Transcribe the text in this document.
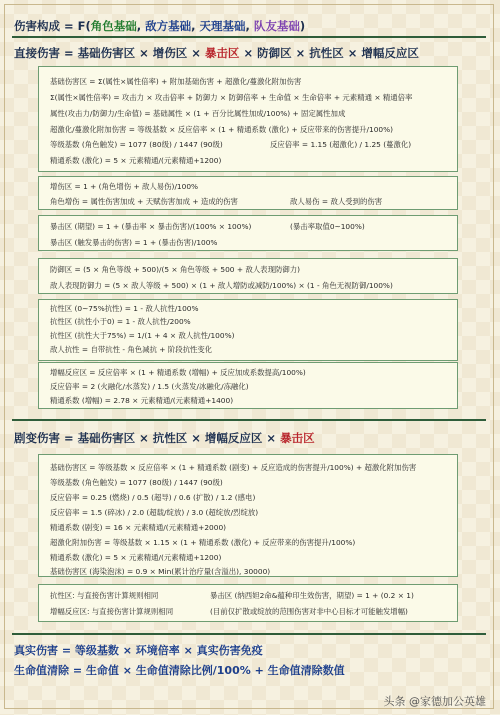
伤害构成 = F(角色基础, 敌方基础, 天理基础, 队友基础)
直接伤害 = 基础伤害区 × 增伤区 × 暴击区 × 防御区 × 抗性区 × 增幅反应区
基础伤害区 = Σ(属性×属性倍率) + 附加基础伤害 + 超激化/蔓激化附加伤害
Σ(属性×属性倍率) = 攻击力 × 攻击倍率 + 防御力 × 防御倍率 + 生命值 × 生命倍率 + 元素精通 × 精通倍率
属性(攻击力/防御力/生命值) = 基础属性 × (1 + 百分比属性加成/100%) + 固定属性加成
超激化/蔓激化附加伤害 = 等级基数 × 反应倍率 × (1 + 精通系数 (激化) + 反应带来的伤害提升/100%)
等级基数 (角色触发) = 1077 (80级) / 1447 (90级)	反应倍率 = 1.15 (超激化) / 1.25 (蔓激化)
精通系数 (激化) = 5 × 元素精通/(元素精通+1200)
增伤区 = 1 + (角色增伤 + 敌人易伤)/100%
角色增伤 = 属性伤害加成 + 天赋伤害加成 + 造成的伤害	敌人易伤 = 敌人受到的伤害
暴击区 (期望) = 1 + (暴击率 × 暴击伤害)/(100% × 100%)	(暴击率取值0~100%)
暴击区 (触发暴击的伤害) = 1 + (暴击伤害)/100%
防御区 = (5 × 角色等级 + 500)/(5 × 角色等级 + 500 + 敌人表现防御力)
敌人表现防御力 = (5 × 敌人等级 + 500) × (1 + 敌人增防或减防/100%) × (1 - 角色无视防御/100%)
抗性区 (0~75%抗性) = 1 - 敌人抗性/100%
抗性区 (抗性小于0) = 1 - 敌人抗性/200%
抗性区 (抗性大于75%) = 1/(1 + 4 × 敌人抗性/100%)
敌人抗性 = 自带抗性 - 角色减抗 + 阶段抗性变化
增幅反应区 = 反应倍率 × (1 + 精通系数 (增幅) + 反应加成系数提高/100%)
反应倍率 = 2 (火融化/水蒸发) / 1.5 (火蒸发/冰融化/冻融化)
精通系数 (增幅) = 2.78 × 元素精通/(元素精通+1400)
剧变伤害 = 基础伤害区 × 抗性区 × 增幅反应区 × 暴击区
基础伤害区 = 等级基数 × 反应倍率 × (1 + 精通系数 (剧变) + 反应造成的伤害提升/100%) + 超激化附加伤害
等级基数 (角色触发) = 1077 (80级) / 1447 (90级)
反应倍率 = 0.25 (燃烧) / 0.5 (超导) / 0.6 (扩散) / 1.2 (感电)
反应倍率 = 1.5 (碎冰) / 2.0 (超载/绽放) / 3.0 (超绽放/烈绽放)
精通系数 (剧变) = 16 × 元素精通/(元素精通+2000)
超激化附加伤害 = 等级基数 × 1.15 × (1 + 精通系数 (激化) + 反应带来的伤害提升/100%)
精通系数 (激化) = 5 × 元素精通/(元素精通+1200)
基础伤害区 (海染泡沫) = 0.9 × Min(累计治疗量(含溢出), 30000)
抗性区: 与直接伤害计算规则相同	暴击区 (纳西妲2命&蕴种印生效伤害，期望) = 1 + (0.2 × 1)
增幅反应区: 与直接伤害计算规则相同	(目前仅扩散或绽放的范围伤害对非中心目标才可能触发增幅)
真实伤害 = 等级基数 × 环境倍率 × 真实伤害免疫
生命值清除 = 生命值 × 生命值清除比例/100% + 生命值清除数值
头条 @家德加公英雄
